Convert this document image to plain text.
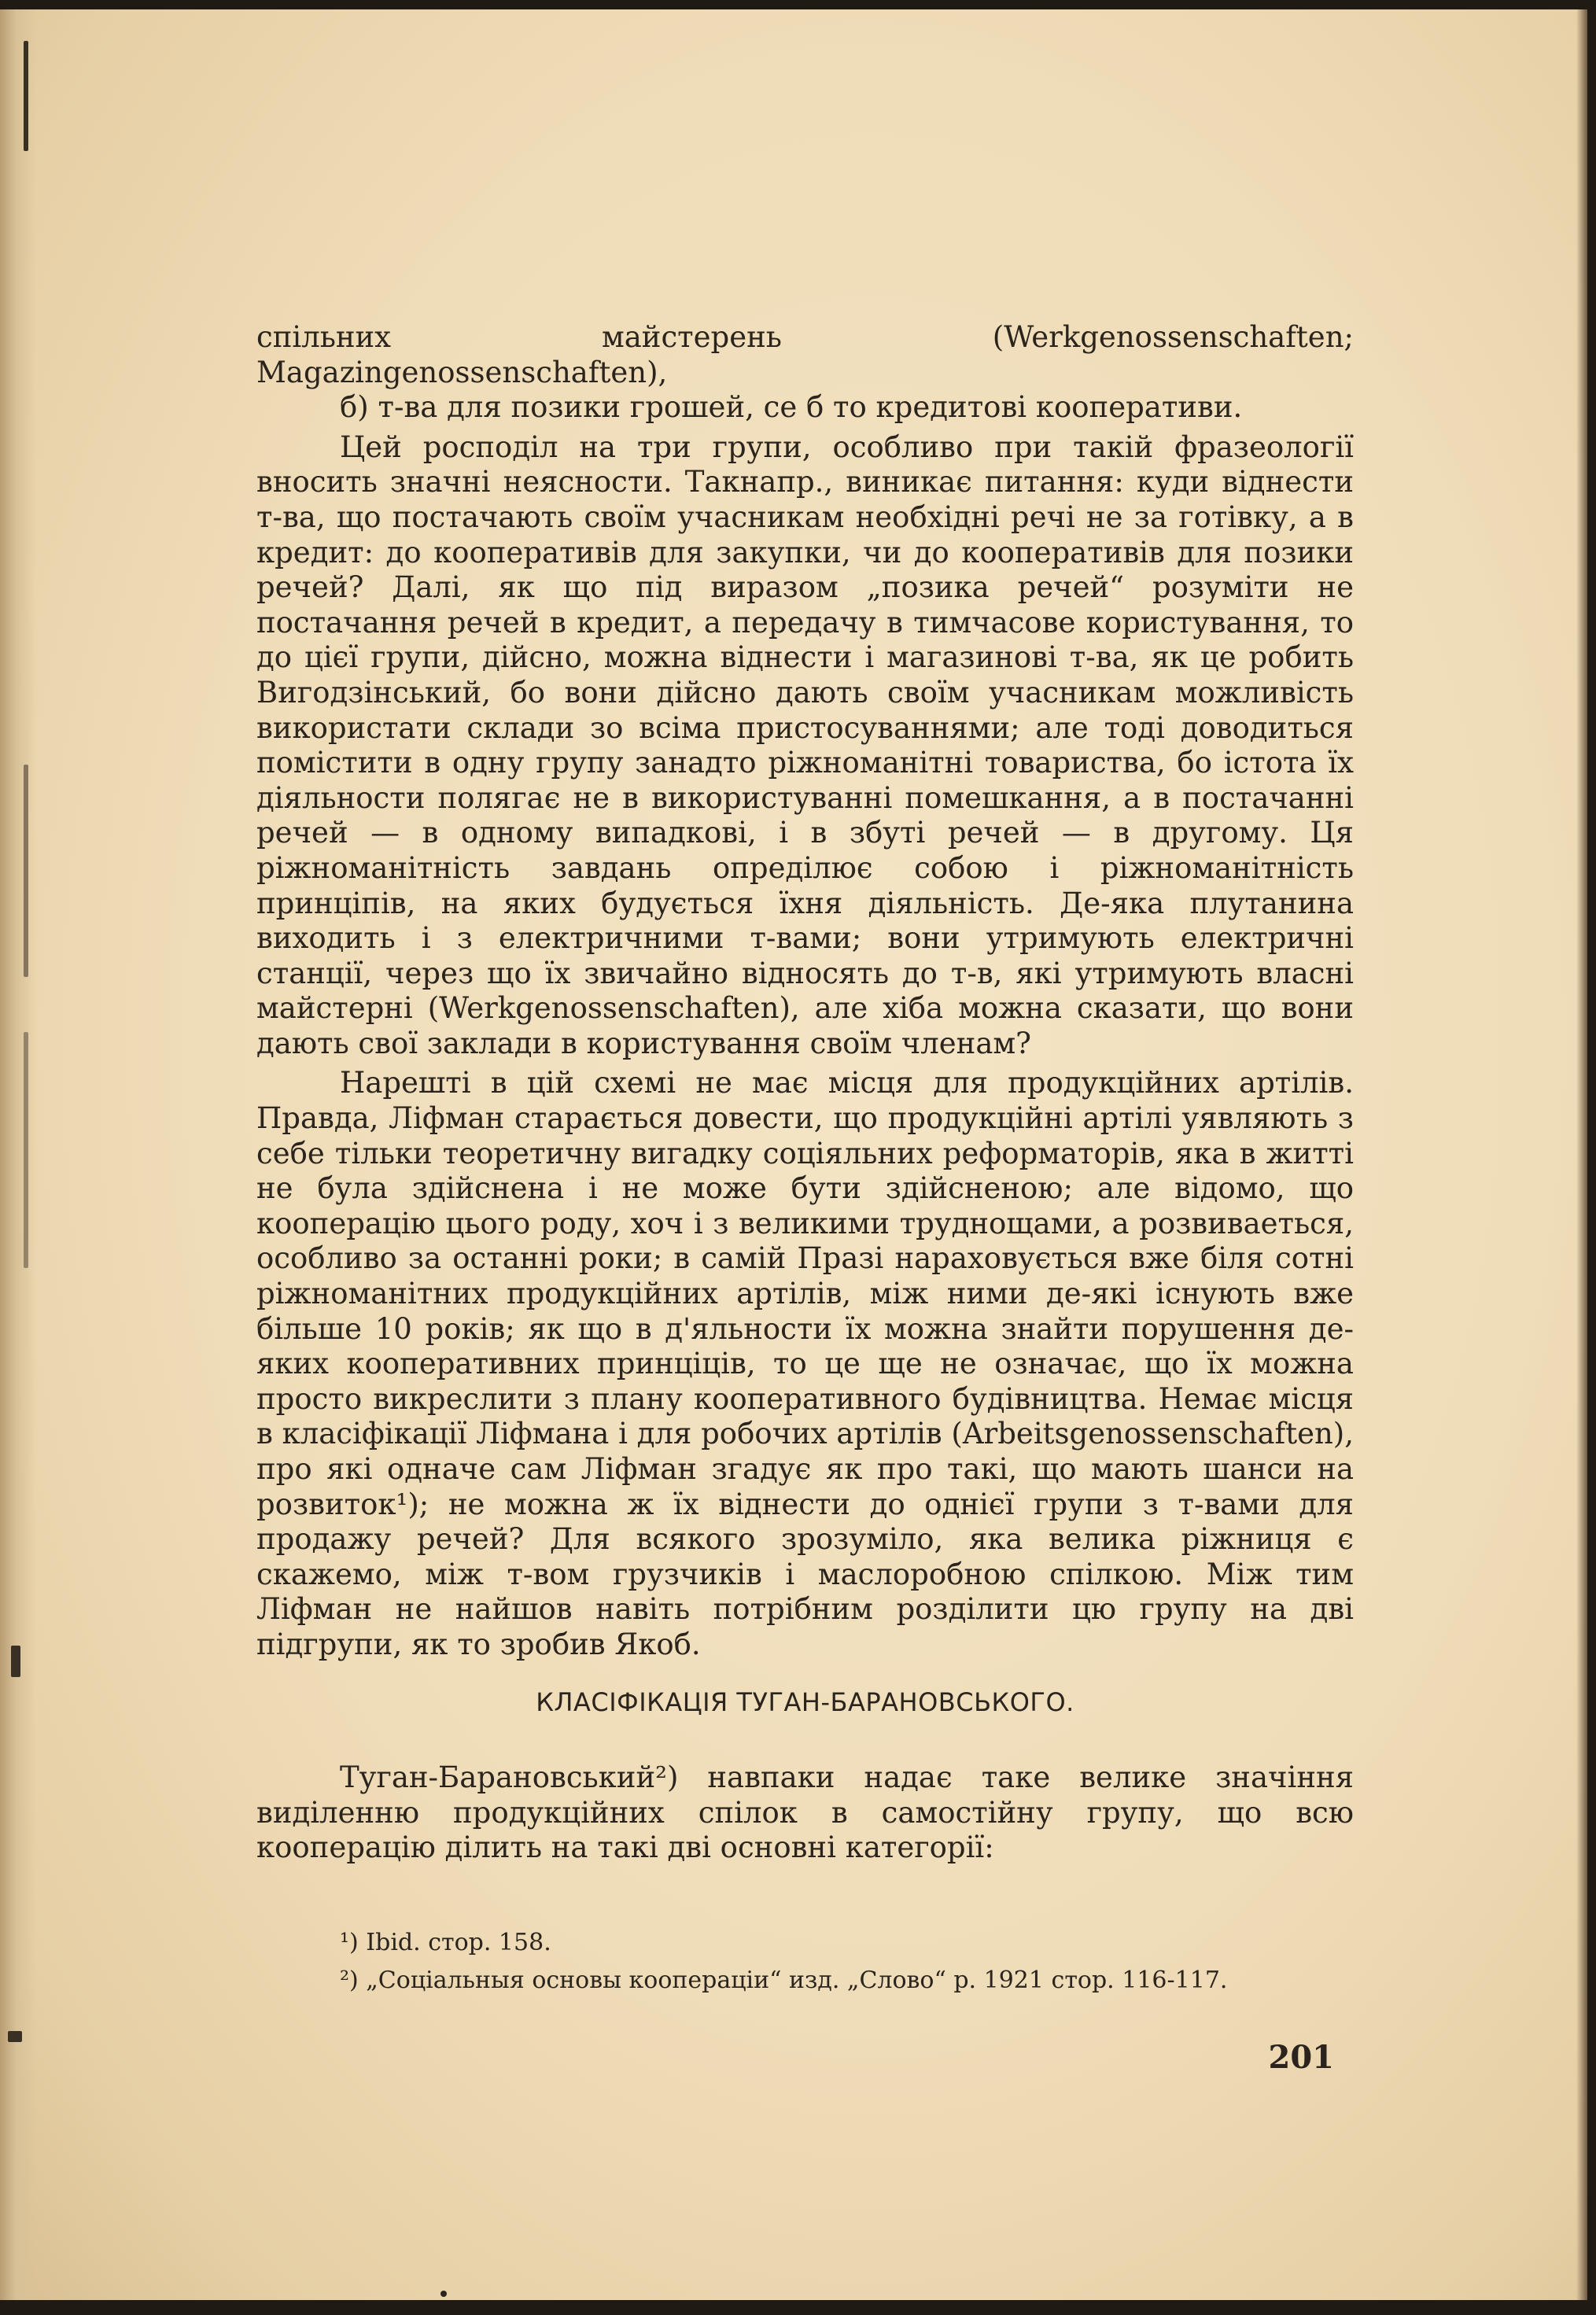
спільних майстерень (Werkgenossenschaften; Magazingenossenschaften),

б) т-ва для позики грошей, се б то кредитові кооперативи.

Цей росподіл на три групи, особливо при такій фразеології вносить значні неясности. Такнапр., виникає питання: куди віднести т-ва, що постачають своїм учасникам необхідні речі не за готівку, а в кредит: до кооперативів для закупки, чи до кооперативів для позики речей? Далі, як що під виразом „позика речей“ розуміти не постачання речей в кредит, а передачу в тимчасове користування, то до цієї групи, дійсно, можна віднести і магазинові т-ва, як це робить Вигодзінський, бо вони дійсно дають своїм учасникам можливість використати склади зо всіма пристосуваннями; але тоді доводиться помістити в одну групу занадто ріжноманітні товариства, бо істота їх діяльности полягає не в використуванні помешкання, а в постачанні речей — в одному випадкові, і в збуті речей — в другому. Ця ріжноманітність завдань опреділює собою і ріжноманітність принціпів, на яких будується їхня діяльність. Де-яка плутанина виходить і з електричними т-вами; вони утримують електричні станції, через що їх звичайно відносять до т-в, які утримують власні майстерні (Werkgenossenschaften), але хіба можна сказати, що вони дають свої заклади в користування своїм членам?

Нарешті в цій схемі не має місця для продукційних артілів. Правда, Ліфман старається довести, що продукційні артілі уявляють з себе тільки теоретичну вигадку соціяльних реформаторів, яка в житті не була здійснена і не може бути здійсненою; але відомо, що кооперацію цього роду, хоч і з великими труднощами, а розвиваеться, особливо за останні роки; в самій Празі нараховується вже біля сотні ріжноманітних продукційних артілів, між ними де-які існують вже більше 10 років; як що в д'яльности їх можна знайти порушення де-яких кооперативних принціців, то це ще не означає, що їх можна просто викреслити з плану кооперативного будівництва. Немає місця в класіфікації Ліфмана і для робочих артілів (Arbeitsgenossenschaften), про які одначе сам Ліфман згадує як про такі, що мають шанси на розвиток¹); не можна ж їх віднести до однієї групи з т-вами для продажу речей? Для всякого зрозуміло, яка велика ріжниця є скажемо, між т-вом грузчиків і маслоробною спілкою. Між тим Ліфман не найшов навіть потрібним розділити цю групу на дві підгрупи, як то зробив Якоб.

КЛАСІФІКАЦІЯ ТУГАН-БАРАНОВСЬКОГО.

Туган-Барановський²) навпаки надає таке велике значіння виділенню продукційних спілок в самостійну групу, що всю кооперацію ділить на такі дві основні категорії:

¹) Ibid. стор. 158.
²) „Соціальныя основы коопераціи“ изд. „Слово“ р. 1921 стор. 116-117.
201
